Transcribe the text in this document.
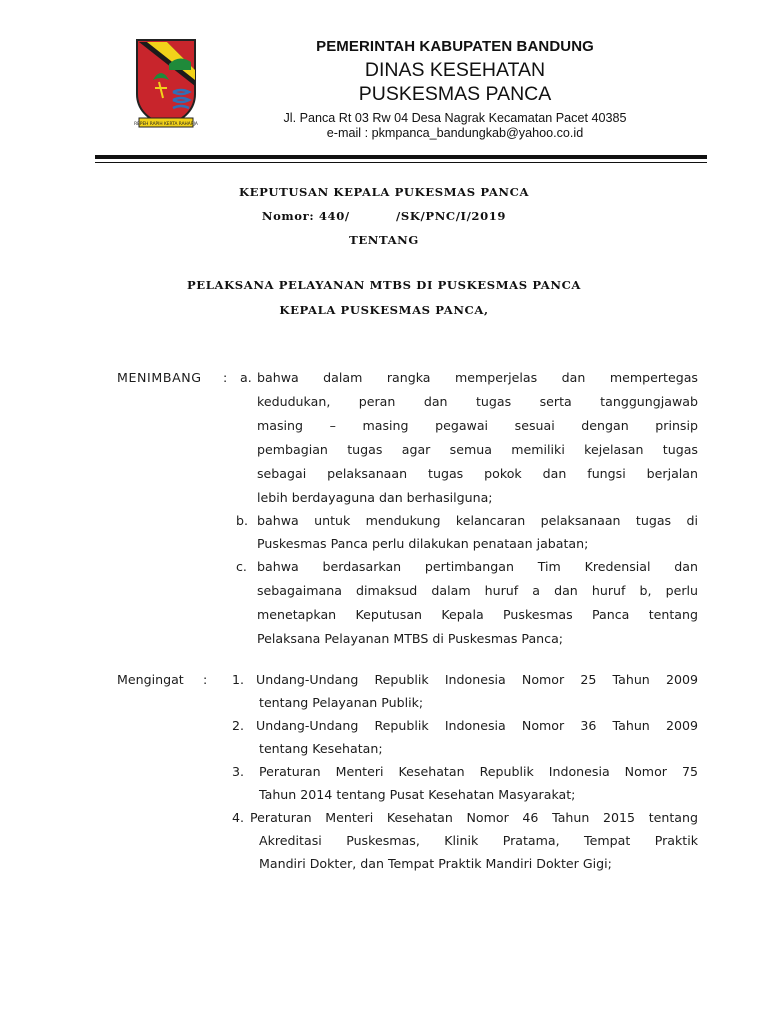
REPEH RAPIH KERTA RAHARJA
PEMERINTAH KABUPATEN BANDUNG
DINAS KESEHATAN
PUSKESMAS PANCA
Jl. Panca Rt 03 Rw 04 Desa Nagrak Kecamatan Pacet 40385
e-mail : pkmpanca_bandungkab@yahoo.co.id
KEPUTUSAN KEPALA PUKESMAS PANCA
Nomor: 440/          /SK/PNC/I/2019
TENTANG
PELAKSANA PELAYANAN MTBS DI PUSKESMAS PANCA
KEPALA PUSKESMAS PANCA,
MENIMBANG : a. bahwa dalam rangka memperjelas dan mempertegas
kedudukan, peran dan tugas serta tanggungjawab
masing – masing pegawai sesuai dengan prinsip
pembagian tugas agar semua memiliki kejelasan tugas
sebagai pelaksanaan tugas pokok dan fungsi berjalan
lebih berdayaguna dan berhasilguna;
b. bahwa untuk mendukung kelancaran pelaksanaan tugas di
Puskesmas Panca perlu dilakukan penataan jabatan;
c. bahwa berdasarkan pertimbangan Tim Kredensial dan
sebagaimana dimaksud dalam huruf a dan huruf b, perlu
menetapkan Keputusan Kepala Puskesmas Panca tentang
Pelaksana Pelayanan MTBS di Puskesmas Panca;
Mengingat : 1. Undang-Undang Republik Indonesia Nomor 25 Tahun 2009
tentang Pelayanan Publik;
2. Undang-Undang Republik Indonesia Nomor 36 Tahun 2009
tentang Kesehatan;
3. Peraturan Menteri Kesehatan Republik Indonesia Nomor 75
Tahun 2014 tentang Pusat Kesehatan Masyarakat;
4. Peraturan Menteri Kesehatan Nomor 46 Tahun 2015 tentang
Akreditasi Puskesmas, Klinik Pratama, Tempat Praktik
Mandiri Dokter, dan Tempat Praktik Mandiri Dokter Gigi;
